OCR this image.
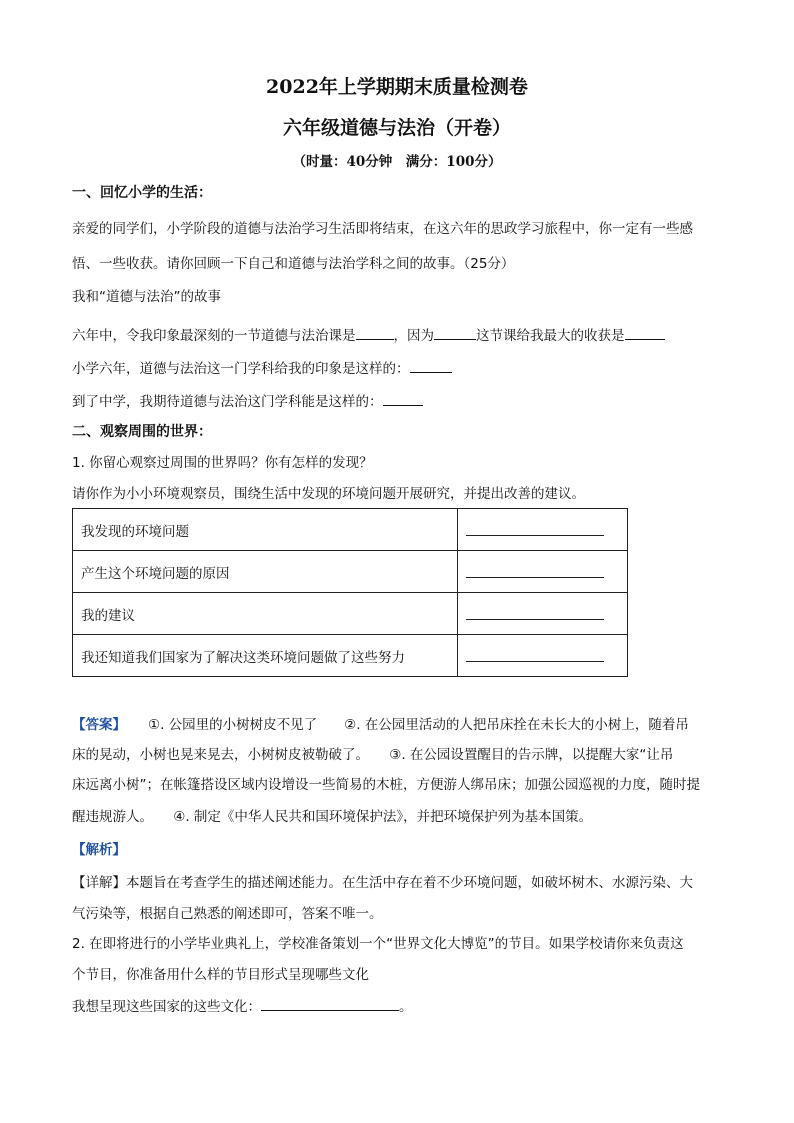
2022年上学期期末质量检测卷
六年级道德与法治（开卷）
（时量：40分钟　满分：100分）
一、回忆小学的生活：
亲爱的同学们，小学阶段的道德与法治学习生活即将结束，在这六年的思政学习旅程中，你一定有一些感
悟、一些收获。请你回顾一下自己和道德与法治学科之间的故事。（25分）
我和“道德与法治”的故事
六年中，令我印象最深刻的一节道德与法治课是	，因为	这节课给我最大的收获是
小学六年，道德与法治这一门学科给我的印象是这样的：
到了中学，我期待道德与法治这门学科能是这样的：
二、观察周围的世界：
1. 你留心观察过周围的世界吗？你有怎样的发现？
请你作为小小环境观察员，围绕生活中发现的环境问题开展研究，并提出改善的建议。
我发现的环境问题	
产生这个环境问题的原因	
我的建议	
我还知道我们国家为了解决这类环境问题做了这些努力	
【答案】 ①. 公园里的小树树皮不见了　　②. 在公园里活动的人把吊床拴在未长大的小树上，随着吊
床的晃动，小树也晃来晃去，小树树皮被勒破了。　　③. 在公园设置醒目的告示牌，以提醒大家“让吊
床远离小树”；在帐篷搭设区域内设增设一些简易的木桩，方便游人绑吊床；加强公园巡视的力度，随时提
醒违规游人。　　④. 制定《中华人民共和国环境保护法》，并把环境保护列为基本国策。
【解析】
【详解】本题旨在考查学生的描述阐述能力。在生活中存在着不少环境问题，如破坏树木、水源污染、大
气污染等，根据自己熟悉的阐述即可，答案不唯一。
2. 在即将进行的小学毕业典礼上，学校准备策划一个“世界文化大博览”的节目。如果学校请你来负责这
个节目，你准备用什么样的节目形式呈现哪些文化
我想呈现这些国家的这些文化：	。
